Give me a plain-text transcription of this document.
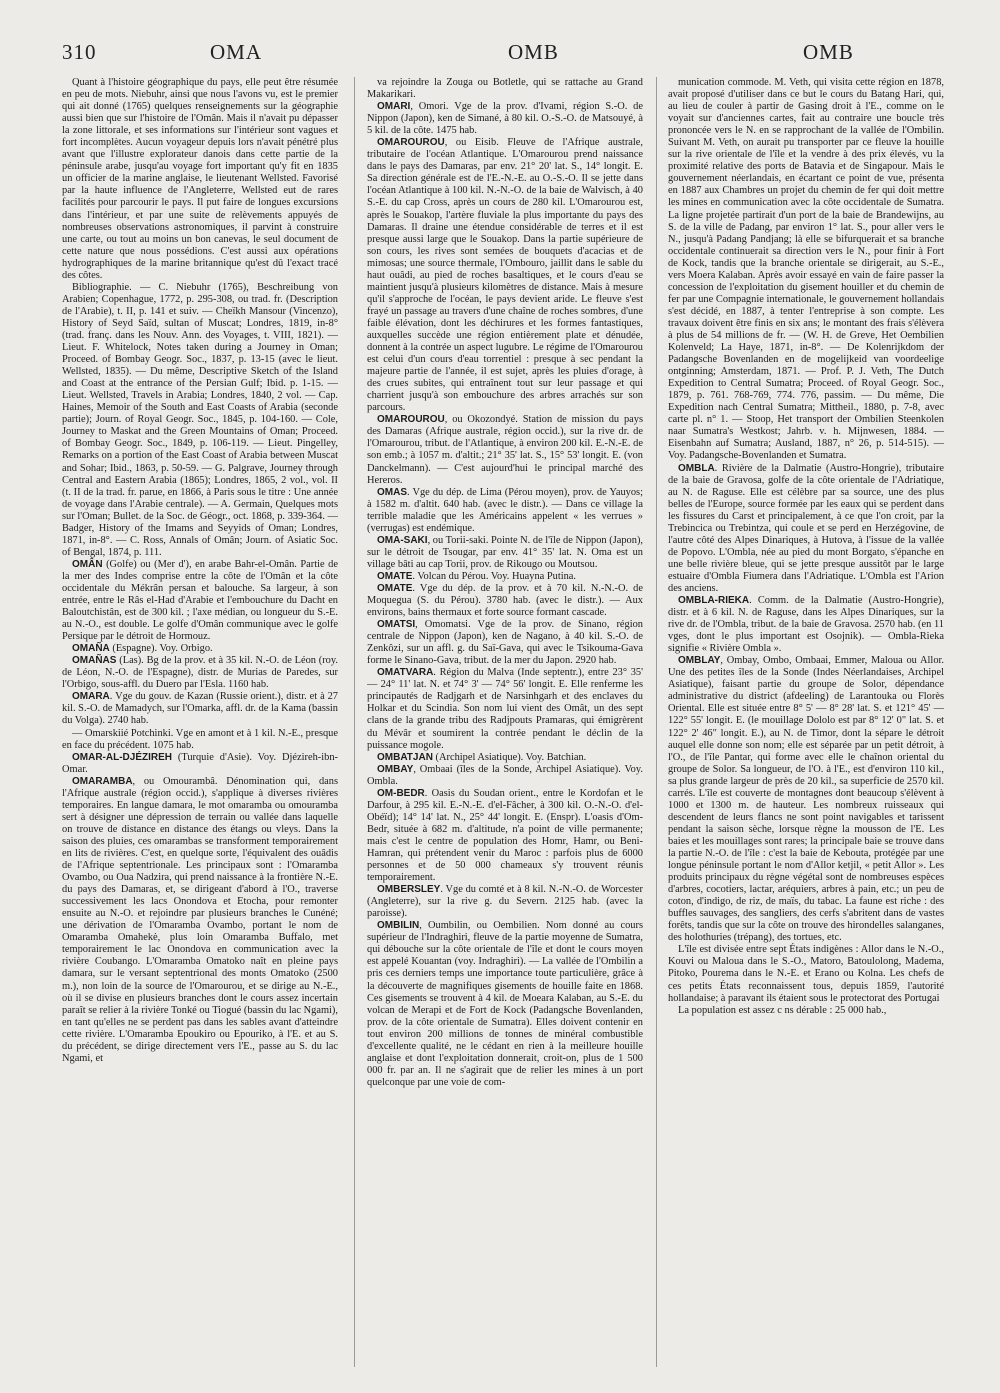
310	OMA	OMB	OMB

Quant à l'histoire géographique du pays, elle peut être résumée en peu de mots. Niebuhr, ainsi que nous l'avons vu, est le premier qui ait donné (1765) quelques renseignements sur la géographie aussi bien que sur l'histoire de l'Omân. Mais il n'avait pu dépasser la zone littorale, et ses informations sur l'intérieur sont vagues et fort incomplètes. Aucun voyageur depuis lors n'avait pénétré plus avant que l'illustre explorateur danois dans cette partie de la péninsule arabe, jusqu'au voyage fort important qu'y fit en 1835 un officier de la marine anglaise, le lieutenant Wellsted. Favorisé par la haute influence de l'Angleterre, Wellsted eut de rares facilités pour parcourir le pays. Il put faire de longues excursions dans l'intérieur, et par une suite de relèvements appuyés de nombreuses observations astronomiques, il parvint à construire une carte, ou tout au moins un bon canevas, le seul document de cette nature que nous possédions. C'est aussi aux opérations hydrographiques de la marine britannique qu'est dû l'exact tracé des côtes.

Bibliographie. — C. Niebuhr (1765), Beschreibung von Arabien; Copenhague, 1772, p. 295-308, ou trad. fr. (Description de l'Arabie), t. II, p. 141 et suiv. — Cheïkh Mansour (Vincenzo), History of Seyd Saïd, sultan of Muscat; Londres, 1819, in-8° (trad. franç. dans les Nouv. Ann. des Voyages, t. VIII, 1821). — Lieut. F. Whitelock, Notes taken during a Journey in Oman; Proceed. of Bombay Geogr. Soc., 1837, p. 13-15 (avec le lieut. Wellsted, 1835). — Du même, Descriptive Sketch of the Island and Coast at the entrance of the Persian Gulf; Ibid. p. 1-15. — Lieut. Wellsted, Travels in Arabia; Londres, 1840, 2 vol. — Cap. Haines, Memoir of the South and East Coasts of Arabia (seconde partie); Journ. of Royal Geogr. Soc., 1845, p. 104-160. — Cole, Journey to Maskat and the Green Mountains of Oman; Proceed. of Bombay Geogr. Soc., 1849, p. 106-119. — Lieut. Pingelley, Remarks on a portion of the East Coast of Arabia between Muscat and Sohar; Ibid., 1863, p. 50-59. — G. Palgrave, Journey through Central and Eastern Arabia (1865); Londres, 1865, 2 vol., vol. II (t. II de la trad. fr. parue, en 1866, à Paris sous le titre : Une année de voyage dans l'Arabie centrale). — A. Germain, Quelques mots sur l'Oman; Bullet. de la Soc. de Géogr., oct. 1868, p. 339-364. — Badger, History of the Imams and Seyyids of Oman; Londres, 1871, in-8°. — C. Ross, Annals of Omân; Journ. of Asiatic Soc. of Bengal, 1874, p. 111.

OMÂN (Golfe) ou (Mer d'), en arabe Bahr-el-Omân. Partie de la mer des Indes comprise entre la côte de l'Omân et la côte occidentale du Mékrân persan et balouche. Sa largeur, à son entrée, entre le Râs el-Had d'Arabie et l'embouchure du Dacht en Baloutchistân, est de 300 kil. ; l'axe médian, ou longueur du S.-E. au N.-O., est double. Le golfe d'Omân communique avec le golfe Persique par le détroit de Hormouz.

OMAÑA (Espagne). Voy. Orbigo.

OMAÑAS (Las). Bg de la prov. et à 35 kil. N.-O. de Léon (roy. de Léon, N.-O. de l'Espagne), distr. de Murias de Paredes, sur l'Orbigo, sous-affl. du Duero par l'Esla. 1160 hab.

OMARA. Vge du gouv. de Kazan (Russie orient.), distr. et à 27 kil. S.-O. de Mamadych, sur l'Omarka, affl. dr. de la Kama (bassin du Volga). 2740 hab.

— Omarskiié Potchinki. Vge en amont et à 1 kil. N.-E., presque en face du précédent. 1075 hab.

OMAR-AL-DJÉZIREH (Turquie d'Asie). Voy. Djézireh-ibn-Omar.

OMARAMBA, ou Omourambâ. Dénomination qui, dans l'Afrique australe (région occid.), s'applique à diverses rivières temporaires. En langue damara, le mot omaramba ou omouramba sert à désigner une dépression de terrain ou vallée dans laquelle on trouve de distance en distance des étangs ou vleys. Dans la saison des pluies, ces omarambas se transforment temporairement en lits de rivières. C'est, en quelque sorte, l'équivalent des ouâdis de l'Afrique septentrionale. Les principaux sont : l'Omaramba Ovambo, ou Oua Nadzira, qui prend naissance à la frontière N.-E. du pays des Damaras, et, se dirigeant d'abord à l'O., traverse successivement les lacs Onondova et Etocha, pour remonter ensuite au N.-O. et rejoindre par plusieurs branches le Cunéné; une dérivation de l'Omaramba Ovambo, portant le nom de Omaramba Omahekė, plus loin Omaramba Buffalo, met temporairement le lac Onondova en communication avec la rivière Coubango. L'Omaramba Omatoko naît en pleine pays damara, sur le versant septentrional des monts Omatoko (2500 m.), non loin de la source de l'Omarourou, et se dirige au N.-E., où il se divise en plusieurs branches dont le cours assez incertain paraît se relier à la rivière Tonké ou Tiogué (bassin du lac Ngami), en tant qu'elles ne se perdent pas dans les sables avant d'atteindre cette rivière. L'Omaramba Epoukiro ou Epouriko, à l'E. et au S. du précédent, se dirige directement vers l'E., passe au S. du lac Ngami, et

va rejoindre la Zouga ou Botletle, qui se rattache au Grand Makarikari.

OMARI, Omori. Vge de la prov. d'Ivami, région S.-O. de Nippon (Japon), ken de Simané, à 80 kil. O.-S.-O. de Matsouyé, à 5 kil. de la côte. 1475 hab.

OMAROUROU, ou Eisib. Fleuve de l'Afrique australe, tributaire de l'océan Atlantique. L'Omarourou prend naissance dans le pays des Damaras, par env. 21° 20' lat. S., 14° longit. E. Sa direction générale est de l'E.-N.-E. au O.-S.-O. Il se jette dans l'océan Atlantique à 100 kil. N.-N.-O. de la baie de Walvisch, à 40 S.-E. du cap Cross, après un cours de 280 kil. L'Omarourou est, après le Souakop, l'artère fluviale la plus importante du pays des Damaras. Il draine une étendue considérable de terres et il est presque aussi large que le Souakop. Dans la partie supérieure de son cours, les rives sont semées de bouquets d'acacias et de mimosas; une source thermale, l'Ombouro, jaillit dans le sable du haut ouâdi, au pied de roches basaltiques, et le cours d'eau se maintient jusqu'à plusieurs kilomètres de distance. Mais à mesure qu'il s'approche de l'océan, le pays devient aride. Le fleuve s'est frayé un passage au travers d'une chaîne de roches sombres, d'une faible élévation, dont les déchirures et les formes fantastiques, auxquelles succède une région entièrement plate et dénudée, donnent à la contrée un aspect lugubre. Le régime de l'Omarourou est celui d'un cours d'eau torrentiel : presque à sec pendant la majeure partie de l'année, il est sujet, après les pluies d'orage, à des crues subites, qui entraînent tout sur leur passage et qui charrient jusqu'à son embouchure des arbres arrachés sur son parcours.

OMAROUROU, ou Okozondyé. Station de mission du pays des Damaras (Afrique australe, région occid.), sur la rive dr. de l'Omarourou, tribut. de l'Atlantique, à environ 200 kil. E.-N.-E. de son emb.; à 1057 m. d'altit.; 21° 35' lat. S., 15° 53' longit. E. (von Danckelmann). — C'est aujourd'hui le principal marché des Hereros.

OMAS. Vge du dép. de Lima (Pérou moyen), prov. de Yauyos; à 1582 m. d'altit. 640 hab. (avec le distr.). — Dans ce village la terrible maladie que les Américains appelent « les verrues » (verrugas) est endémique.

OMA-SAKI, ou Torii-saki. Pointe N. de l'île de Nippon (Japon), sur le détroit de Tsougar, par env. 41° 35' lat. N. Oma est un village bâti au cap Torii, prov. de Rikougo ou Moutsou.

OMATE. Volcan du Pérou. Voy. Huayna Putina.

OMATE. Vge du dép. de la prov. et à 70 kil. N.-N.-O. de Moquegua (S. du Pérou). 3780 hab. (avec le distr.). — Aux environs, bains thermaux et forte source formant cascade.

OMATSI, Omomatsi. Vge de la prov. de Sinano, région centrale de Nippon (Japon), ken de Nagano, à 40 kil. S.-O. de Zenkôzi, sur un affl. g. du Saï-Gava, qui avec le Tsikouma-Gava forme le Sinano-Gava, tribut. de la mer du Japon. 2920 hab.

OMATVARA. Région du Malva (Inde septentr.), entre 23° 35' — 24° 11' lat. N. et 74° 3' — 74° 56' longit. E. Elle renferme les principautés de Radjgarh et de Narsinhgarh et des enclaves du Holkar et du Scindia. Son nom lui vient des Omât, un des sept clans de la grande tribu des Radjpouts Pramaras, qui émigrèrent du Mévâr et soumirent la contrée pendant le déclin de la puissance mogole.

OMBATJAN (Archipel Asiatique). Voy. Batchian.

OMBAY, Ombaai (îles de la Sonde, Archipel Asiatique). Voy. Ombla.

OM-BEDR. Oasis du Soudan orient., entre le Kordofan et le Darfour, à 295 kil. E.-N.-E. d'el-Fâcher, à 300 kil. O.-N.-O. d'el-Obéïd); 14° 14' lat. N., 25° 44' longit. E. (Enspr). L'oasis d'Om-Bedr, située à 682 m. d'altitude, n'a point de ville permanente; mais c'est le centre de population des Homr, Hamr, ou Beni-Hamran, qui prétendent venir du Maroc : parfois plus de 6000 personnes et de 50 000 chameaux s'y trouvent réunis temporairement.

OMBERSLEY. Vge du comté et à 8 kil. N.-N.-O. de Worcester (Angleterre), sur la rive g. du Severn. 2125 hab. (avec la paroisse).

OMBILIN, Oumbilin, ou Oembilien. Nom donné au cours supérieur de l'Indraghiri, fleuve de la partie moyenne de Sumatra, qui débouche sur la côte orientale de l'île et dont le cours moyen est appelé Kouantan (voy. Indraghiri). — La vallée de l'Ombilin a pris ces derniers temps une importance toute particulière, grâce à la découverte de magnifiques gisements de houille faite en 1868. Ces gisements se trouvent à 4 kil. de Moeara Kalaban, au S.-E. du volcan de Merapi et de Fort de Kock (Padangsche Bovenlanden, prov. de la côte orientale de Sumatra). Elles doivent contenir en tout environ 200 millions de tonnes de minéral combustible d'excellente qualité, ne le cédant en rien à la meilleure houille anglaise et dont l'exploitation donnerait, croit-on, plus de 1 500 000 fr. par an. Il ne s'agirait que de relier les mines à un port quelconque par une voie de com-

munication commode. M. Veth, qui visita cette région en 1878, avait proposé d'utiliser dans ce but le cours du Batang Hari, qui, au lieu de couler à partir de Gasing droit à l'E., comme on le voyait sur d'anciennes cartes, fait au contraire une boucle très prononcée vers le N. en se rapprochant de la vallée de l'Ombilin. Suivant M. Veth, on aurait pu transporter par ce fleuve la houille sur la rive orientale de l'île et la vendre à des prix élevés, vu la proximité relative des ports de Batavia et de Singapour. Mais le gouvernement néerlandais, en écartant ce point de vue, présenta en 1887 aux Chambres un projet du chemin de fer qui doit mettre les mines en communication avec la côte occidentale de Sumatra. La ligne projetée partirait d'un port de la baie de Brandewijns, au S. de la ville de Padang, par environ 1° lat. S., pour aller vers le N., jusqu'à Padang Pandjang; là elle se bifurquerait et sa branche occidentale continuerait sa direction vers le N., pour finir à Fort de Kock, tandis que la branche orientale se dirigerait, au S.-E., vers Moera Kalaban. Après avoir essayé en vain de faire passer la concession de l'exploitation du gisement houiller et du chemin de fer par une Compagnie internationale, le gouvernement hollandais s'est décidé, en 1887, à tenter l'entreprise à son compte. Les travaux doivent être finis en six ans; le montant des frais s'élèvera à plus de 54 millions de fr. — (W. H. de Greve, Het Oembilien Kolenveld; La Haye, 1871, in-8°. — De Kolenrijkdom der Padangsche Bovenlanden en de mogelijkeid van voordeelige ontginning; Amsterdam, 1871. — Prof. P. J. Veth, The Dutch Expedition to Central Sumatra; Proceed. of Royal Geogr. Soc., 1879, p. 761. 768-769, 774. 776, passim. — Du même, Die Expedition nach Central Sumatra; Mittheil., 1880, p. 7-8, avec carte pl. n° 1. — Stoop, Het transport der Ombilien Steenkolen naar Sumatra's Westkost; Jahrb. v. h. Mijnwesen, 1884. — Eisenbahn auf Sumatra; Ausland, 1887, n° 26, p. 514-515). — Voy. Padangsche-Bovenlanden et Sumatra.

OMBLA. Rivière de la Dalmatie (Austro-Hongrie), tributaire de la baie de Gravosa, golfe de la côte orientale de l'Adriatique, au N. de Raguse. Elle est célèbre par sa source, une des plus belles de l'Europe, source formée par les eaux qui se perdent dans les fissures du Carst et principalement, à ce que l'on croit, par la Trebincica ou Trebintza, qui coule et se perd en Herzégovine, de l'autre côté des Alpes Dinariques, à Hutova, à l'issue de la vallée de Popovo. L'Ombla, née au pied du mont Borgato, s'épanche en une belle rivière bleue, qui se jette presque aussitôt par le large estuaire d'Ombla Fiumera dans l'Adriatique. L'Ombla est l'Arion des anciens.

OMBLA-RIEKA. Comm. de la Dalmatie (Austro-Hongrie), distr. et à 6 kil. N. de Raguse, dans les Alpes Dinariques, sur la rive dr. de l'Ombla, tribut. de la baie de Gravosa. 2570 hab. (en 11 vges, dont le plus important est Osojnik). — Ombla-Rieka signifie « Rivière Ombla ».

OMBLAY, Ombay, Ombo, Ombaai, Emmer, Maloua ou Allor. Une des petites îles de la Sonde (Indes Néerlandaises, Archipel Asiatique), faisant partie du groupe de Solor, dépendance administrative du district (afdeeling) de Larantouka ou Florès Oriental. Elle est située entre 8° 5' — 8° 28' lat. S. et 121° 45' — 122° 55' longit. E. (le mouillage Dololo est par 8° 12' 0" lat. S. et 122° 2' 46" longit. E.), au N. de Timor, dont la sépare le détroit auquel elle donne son nom; elle est séparée par un petit détroit, à l'O., de l'île Pantar, qui forme avec elle le chaînon oriental du groupe de Solor. Sa longueur, de l'O. à l'E., est d'environ 110 kil., sa plus grande largeur de près de 20 kil., sa superficie de 2570 kil. carrés. L'île est couverte de montagnes dont beaucoup s'élèvent à 1000 et 1300 m. de hauteur. Les nombreux ruisseaux qui descendent de leurs flancs ne sont point navigables et tarissent pendant la saison sèche, lorsque règne la mousson de l'E. Les baies et les mouillages sont rares; la principale baie se trouve dans la partie N.-O. de l'île : c'est la baie de Kebouta, protégée par une longue péninsule portant le nom d'Allor ketjil, « petit Allor ». Les produits principaux du règne végétal sont de nombreuses espèces d'arbres, cocotiers, lactar, aréquiers, arbres à pain, etc.; un peu de coton, d'indigo, de riz, de maïs, du tabac. La faune est riche : des buffles sauvages, des sangliers, des cerfs s'abritent dans de vastes forêts, tandis que sur la côte on trouve des hirondelles salanganes, des holothuries (trépang), des tortues, etc.

L'île est divisée entre sept États indigènes : Allor dans le N.-O., Kouvi ou Maloua dans le S.-O., Matoro, Batoulolong, Madema, Pitoko, Pourema dans le N.-E. et Erano ou Kolna. Les chefs de ces petits États reconnaissent tous, depuis 1859, l'autorité hollandaise; à paravant ils étaient sous le protectorat des Portugai

La population est assez c ns dérable : 25 000 hab.,
